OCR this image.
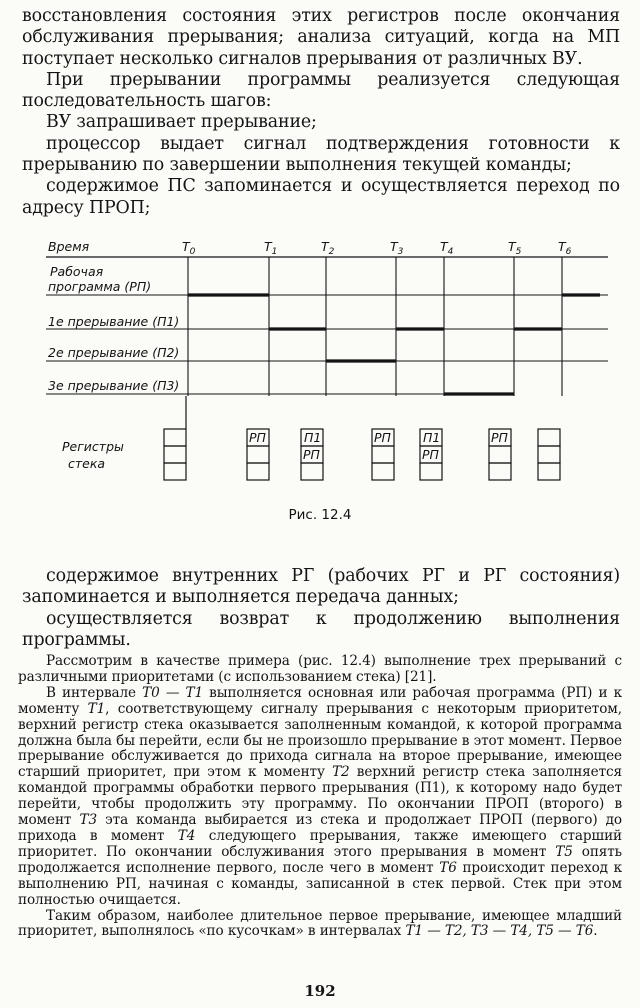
восстановления состояния этих регистров после окончания обслуживания прерывания; анализа ситуаций, когда на МП поступает несколько сигналов прерывания от различных ВУ.

При прерывании программы реализуется следующая последовательность шагов:

ВУ запрашивает прерывание;

процессор выдает сигнал подтверждения готовности к прерыванию по завершении выполнения текущей команды;

содержимое ПС запоминается и осуществляется переход по адресу ПРОП;

Время	$T_0$	$T_1$	$T_2$	$T_3$	$T_4$	$T_5$	$T_6$
Рабочая
программа (РП)
1е прерывание (П1)
2е прерывание (П2)
3е прерывание (П3)
Регистры
стека
РП	П1
РП
РП	П1
РП
РП
Рис. 12.4

содержимое внутренних РГ (рабочих РГ и РГ состояния) запоминается и выполняется передача данных;

осуществляется возврат к продолжению выполнения программы.

Рассмотрим в качестве примера (рис. 12.4) выполнение трех прерываний с различными приоритетами (с использованием стека) [21].

В интервале T0 — T1 выполняется основная или рабочая программа (РП) и к моменту T1, соответствующему сигналу прерывания с некоторым приоритетом, верхний регистр стека оказывается заполненным командой, к которой программа должна была бы перейти, если бы не произошло прерывание в этот момент. Первое прерывание обслуживается до прихода сигнала на второе прерывание, имеющее старший приоритет, при этом к моменту T2 верхний регистр стека заполняется командой программы обработки первого прерывания (П1), к которому надо будет перейти, чтобы продолжить эту программу. По окончании ПРОП (второго) в момент T3 эта команда выбирается из стека и продолжает ПРОП (первого) до прихода в момент T4 следующего прерывания, также имеющего старший приоритет. По окончании обслуживания этого прерывания в момент T5 опять продолжается исполнение первого, после чего в момент T6 происходит переход к выполнению РП, начиная с команды, записанной в стек первой. Стек при этом полностью очищается.

Таким образом, наиболее длительное первое прерывание, имеющее младший приоритет, выполнялось «по кусочкам» в интервалах T1 — T2, T3 — T4, T5 — T6.

192
